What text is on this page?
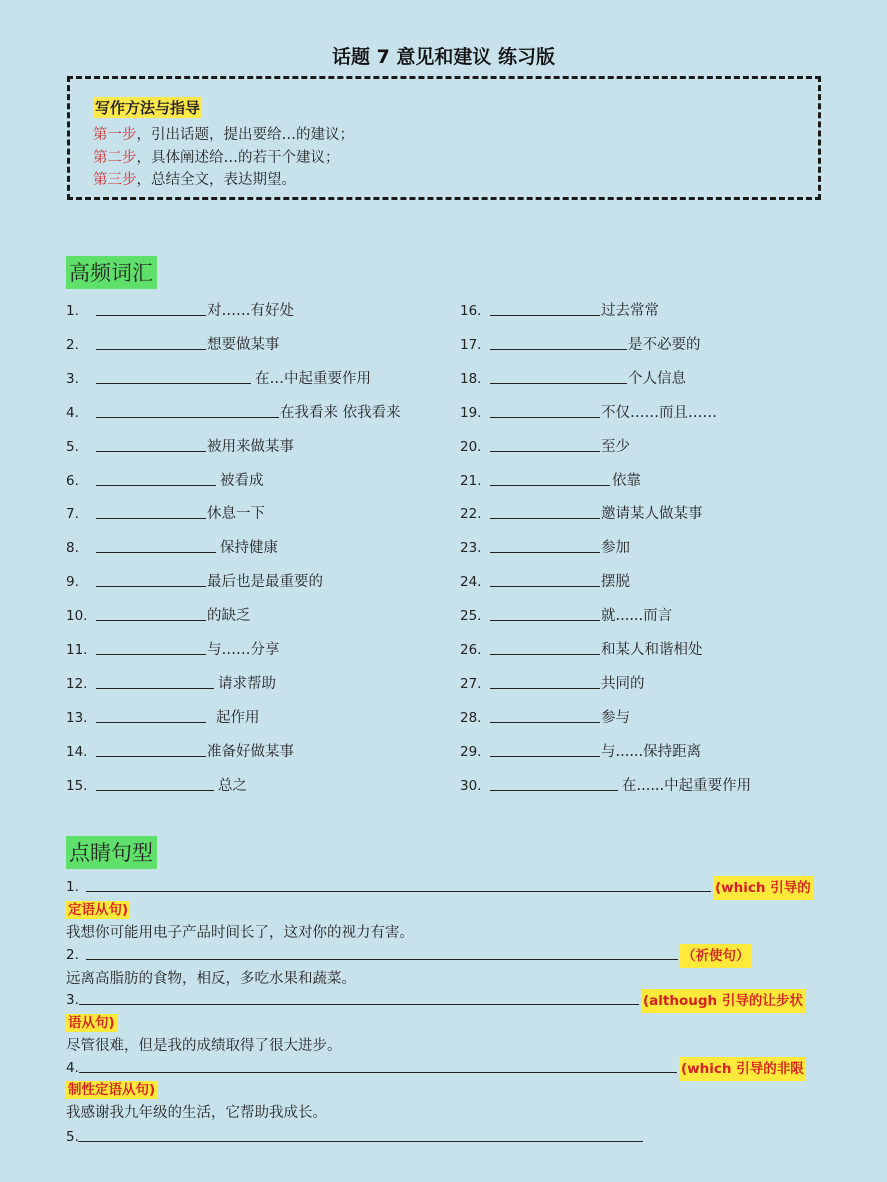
话题 7 意见和建议 练习版
写作方法与指导
第一步，引出话题，提出要给…的建议；
第二步，具体阐述给…的若干个建议；
第三步，总结全文，表达期望。
高频词汇
1.	对……有好处
2.	想要做某事
3.	在…中起重要作用
4.	在我看来 依我看来
5.	被用来做某事
6.	被看成
7.	休息一下
8.	保持健康
9.	最后也是最重要的
10.	的缺乏
11.	与……分享
12.	请求帮助
13.	起作用
14.	准备好做某事
15.	总之
16.	过去常常
17.	是不必要的
18.	个人信息
19.	不仅……而且……
20.	至少
21.	依靠
22.	邀请某人做某事
23.	参加
24.	摆脱
25.	就......而言
26.	和某人和谐相处
27.	共同的
28.	参与
29.	与......保持距离
30.	在......中起重要作用
点睛句型
1.	(which 引导的
定语从句)
我想你可能用电子产品时间长了，这对你的视力有害。
2.	（祈使句）
远离高脂肪的食物，相反，多吃水果和蔬菜。
3.	(although 引导的让步状
语从句)
尽管很难，但是我的成绩取得了很大进步。
4.	(which 引导的非限
制性定语从句)
我感谢我九年级的生活，它帮助我成长。
5.
